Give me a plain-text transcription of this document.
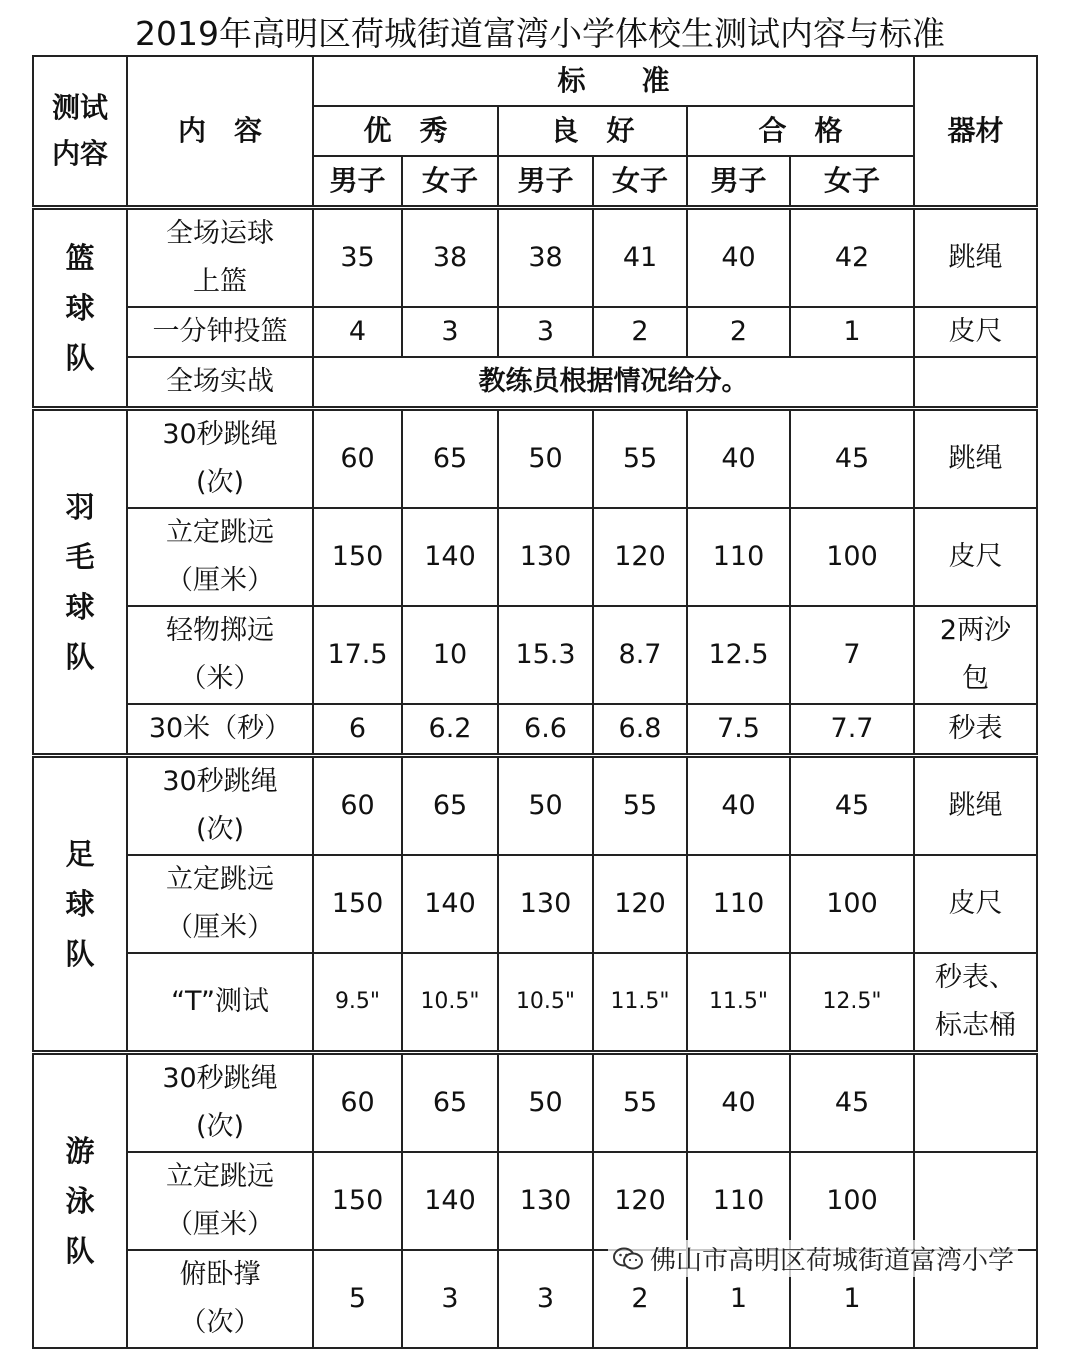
2019年高明区荷城街道富湾小学体校生测试内容与标准
测试内容	内　容	标　　准						器材
		优　秀		良　好		合　格		
		男子	女子	男子	女子	男子	女子	
篮球队	全场运球上篮	35	38	38	41	40	42	跳绳
	一分钟投篮	4	3	3	2	2	1	皮尺
	全场实战	教练员根据情况给分。						
羽毛球队	30秒跳绳(次)	60	65	50	55	40	45	跳绳
	立定跳远（厘米）	150	140	130	120	110	100	皮尺
	轻物掷远（米）	17.5	10	15.3	8.7	12.5	7	2两沙包
	30米（秒）	6	6.2	6.6	6.8	7.5	7.7	秒表
足球队	30秒跳绳(次)	60	65	50	55	40	45	跳绳
	立定跳远（厘米）	150	140	130	120	110	100	皮尺
	“T”测试	9.5"	10.5"	10.5"	11.5"	11.5"	12.5"	秒表、标志桶
游泳队	30秒跳绳(次)	60	65	50	55	40	45	
	立定跳远（厘米）	150	140	130	120	110	100	
	俯卧撑（次）	5	3	3	2	1	1	
佛山市高明区荷城街道富湾小学
